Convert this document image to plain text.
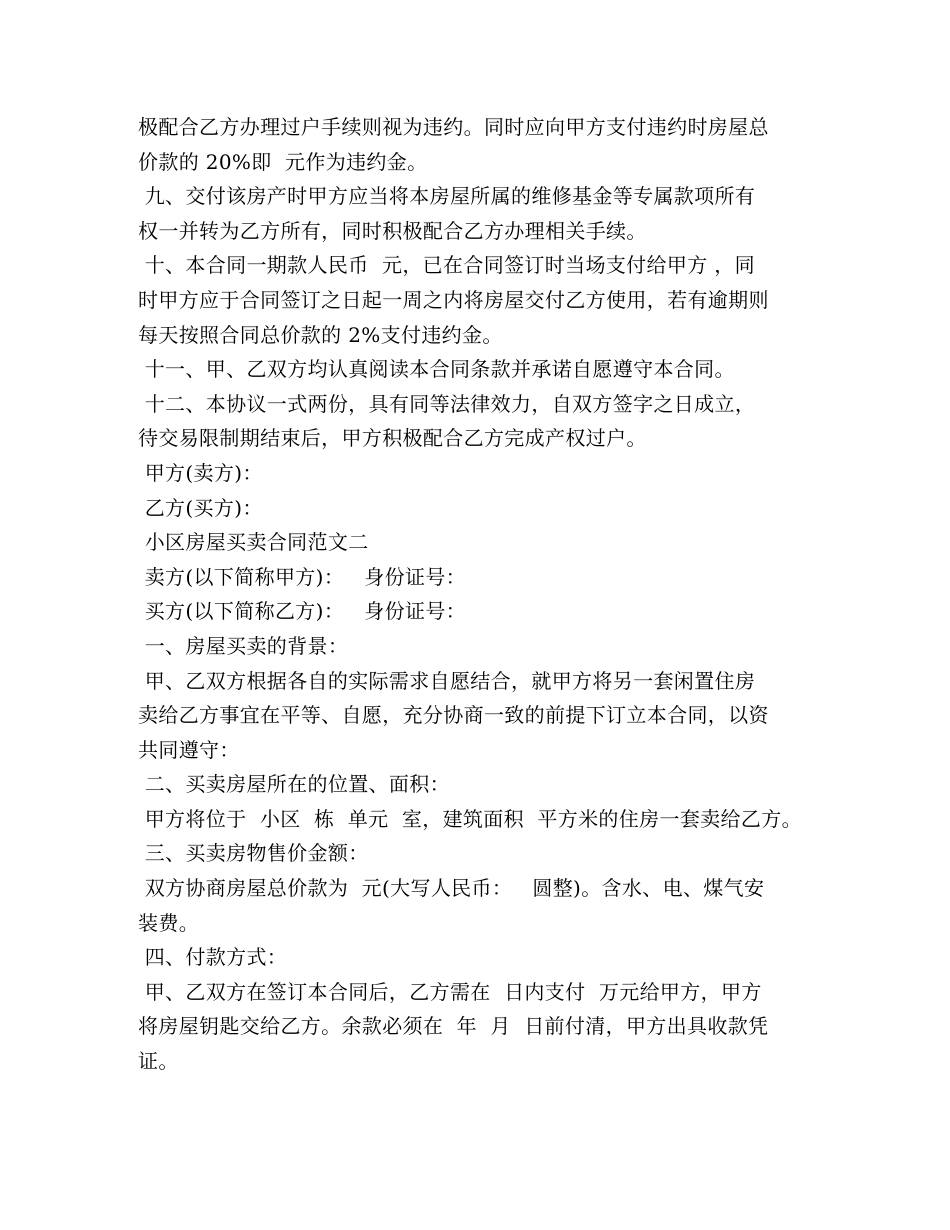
极配合乙方办理过户手续则视为违约。同时应向甲方支付违约时房屋总
价款的 20%即  元作为违约金。
九、交付该房产时甲方应当将本房屋所属的维修基金等专属款项所有
权一并转为乙方所有，同时积极配合乙方办理相关手续。
十、本合同一期款人民币  元，已在合同签订时当场支付给甲方 ，同
时甲方应于合同签订之日起一周之内将房屋交付乙方使用，若有逾期则
每天按照合同总价款的 2%支付违约金。
十一、甲、乙双方均认真阅读本合同条款并承诺自愿遵守本合同。
十二、本协议一式两份，具有同等法律效力，自双方签字之日成立，
待交易限制期结束后，甲方积极配合乙方完成产权过户。
甲方(卖方)：
乙方(买方)：
小区房屋买卖合同范文二
卖方(以下简称甲方)：   身份证号：
买方(以下简称乙方)：   身份证号：
一、房屋买卖的背景：
甲、乙双方根据各自的实际需求自愿结合，就甲方将另一套闲置住房
卖给乙方事宜在平等、自愿，充分协商一致的前提下订立本合同，以资
共同遵守：
二、买卖房屋所在的位置、面积：
甲方将位于  小区  栋  单元  室，建筑面积  平方米的住房一套卖给乙方。
三、买卖房物售价金额：
双方协商房屋总价款为  元(大写人民币：   圆整)。含水、电、煤气安
装费。
四、付款方式：
甲、乙双方在签订本合同后，乙方需在  日内支付  万元给甲方，甲方
将房屋钥匙交给乙方。余款必须在  年  月  日前付清，甲方出具收款凭
证。
